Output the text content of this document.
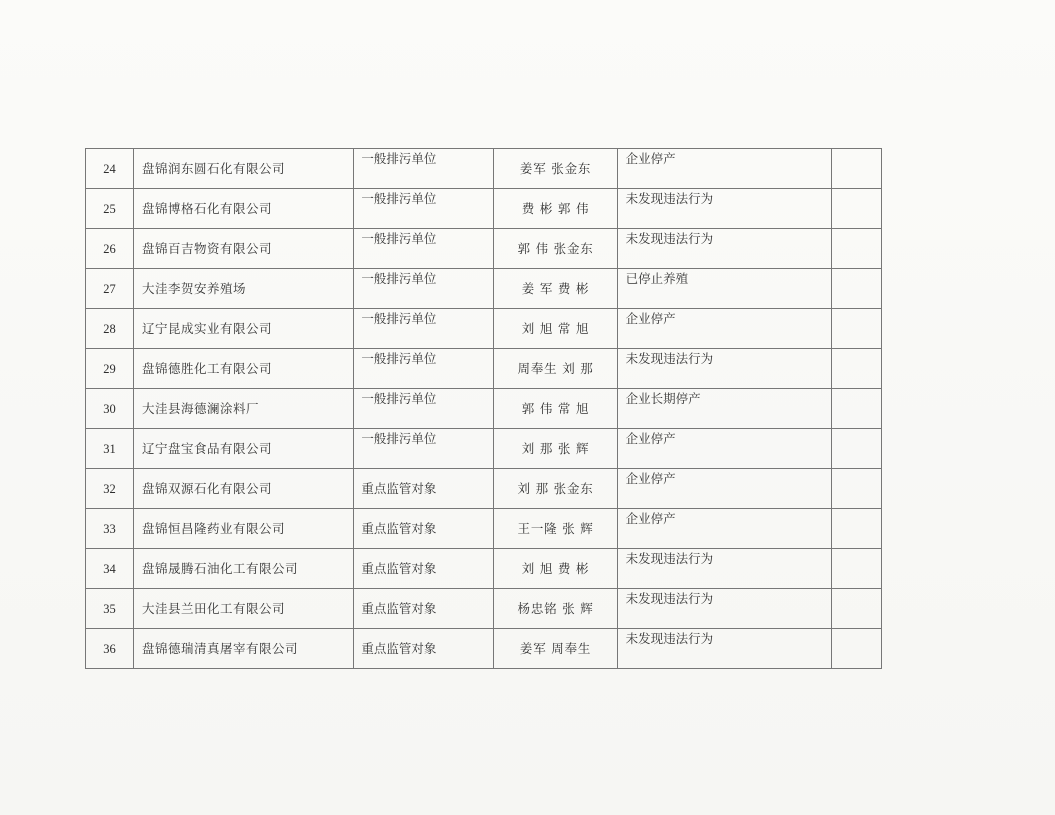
24	盘锦润东圆石化有限公司	一般排污单位	姜军 张金东	企业停产	

25	盘锦博格石化有限公司	一般排污单位	费 彬 郭 伟	未发现违法行为	

26	盘锦百吉物资有限公司	一般排污单位	郭 伟 张金东	未发现违法行为	

27	大洼李贺安养殖场	一般排污单位	姜 军 费 彬	已停止养殖	

28	辽宁昆成实业有限公司	一般排污单位	刘 旭 常 旭	企业停产	

29	盘锦德胜化工有限公司	一般排污单位	周奉生 刘 那	未发现违法行为	

30	大洼县海德澜涂料厂	一般排污单位	郭 伟 常 旭	企业长期停产	

31	辽宁盘宝食品有限公司	一般排污单位	刘 那 张 辉	企业停产	

32	盘锦双源石化有限公司	重点监管对象	刘 那 张金东	企业停产	

33	盘锦恒昌隆药业有限公司	重点监管对象	王一隆 张 辉	企业停产	

34	盘锦晟腾石油化工有限公司	重点监管对象	刘 旭 费 彬	未发现违法行为	

35	大洼县兰田化工有限公司	重点监管对象	杨忠铭 张 辉	未发现违法行为	

36	盘锦德瑞清真屠宰有限公司	重点监管对象	姜军 周奉生	未发现违法行为	
